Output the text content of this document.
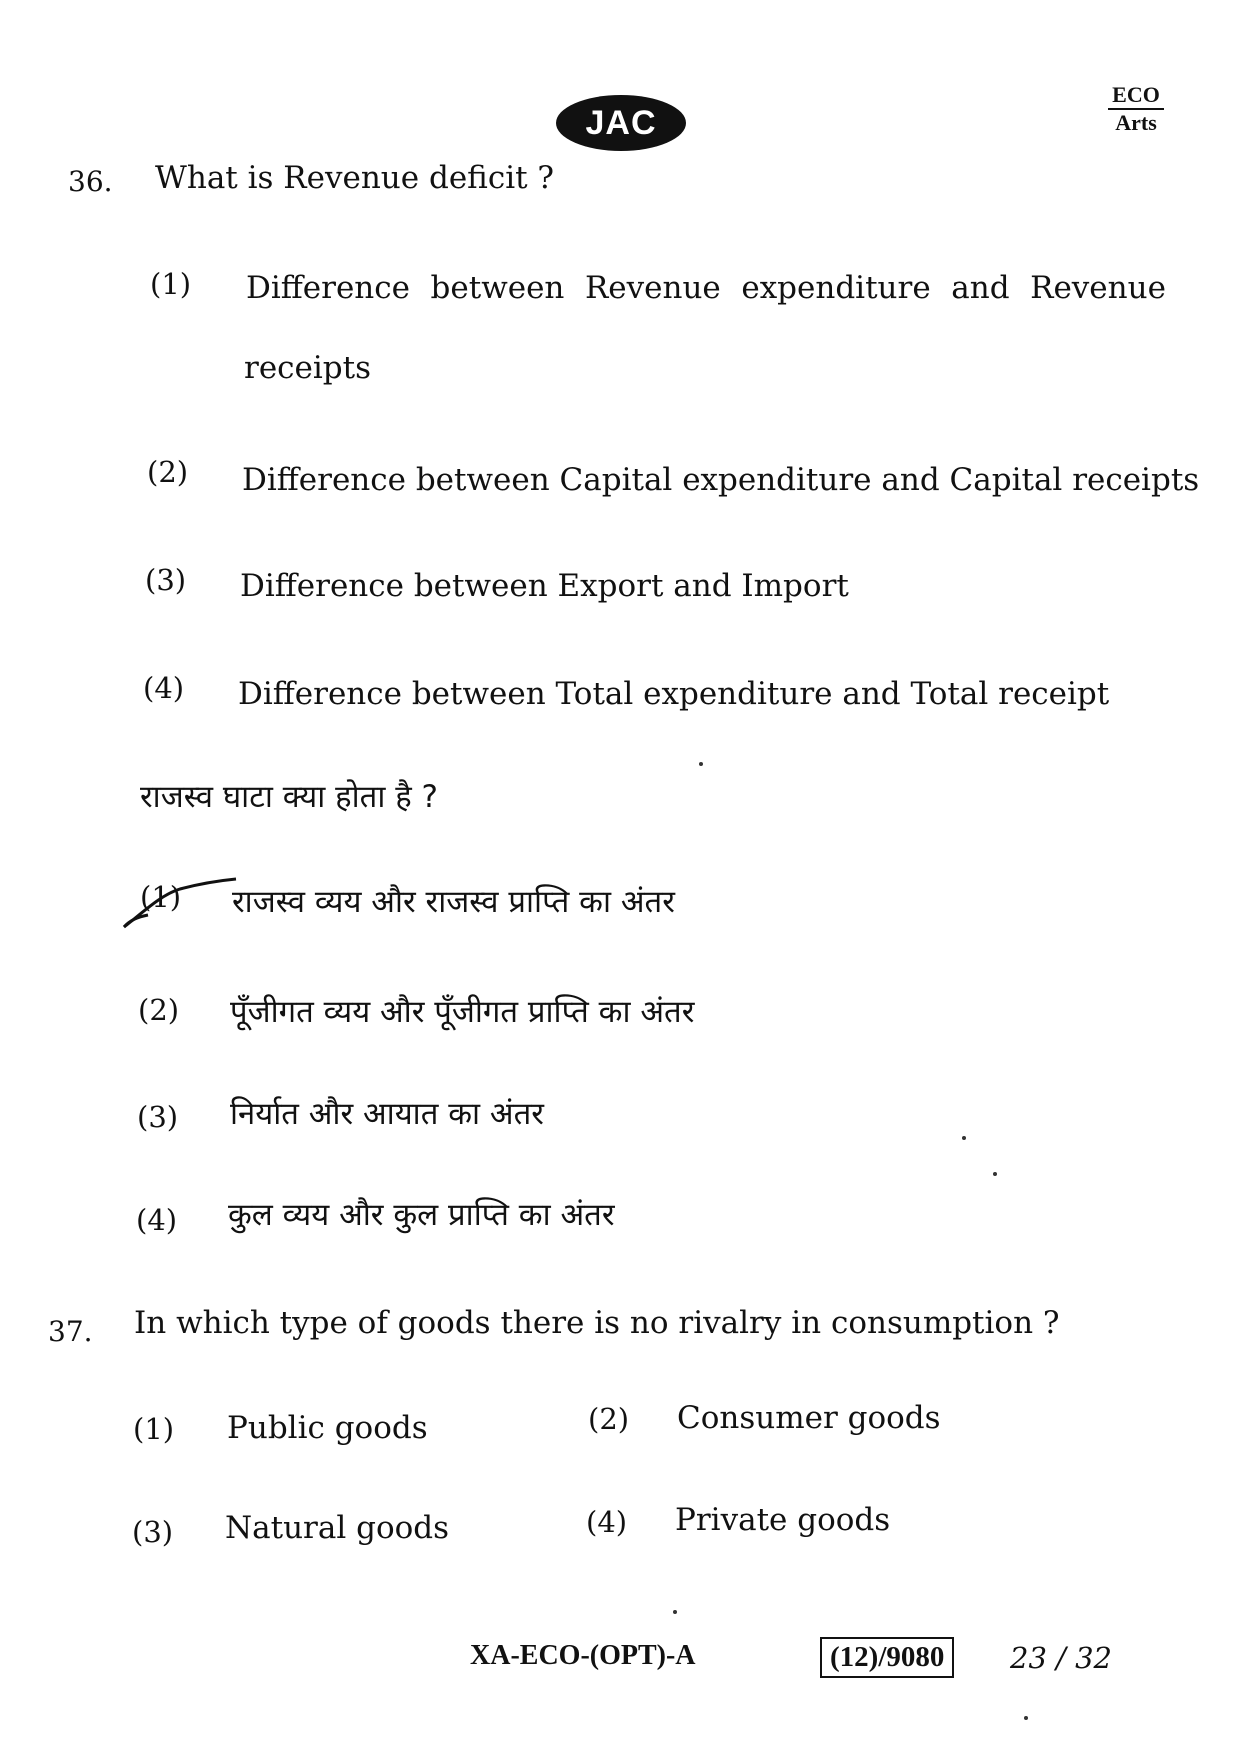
JAC
ECO
Arts
36. What is Revenue deficit ?
(1) Difference between Revenue expenditure and Revenue
receipts
(2) Difference between Capital expenditure and Capital receipts
(3) Difference between Export and Import
(4) Difference between Total expenditure and Total receipt
राजस्व घाटा क्या होता है ?
(1) राजस्व व्यय और राजस्व प्राप्ति का अंतर
(2) पूँजीगत व्यय और पूँजीगत प्राप्ति का अंतर
(3) निर्यात और आयात का अंतर
(4) कुल व्यय और कुल प्राप्ति का अंतर
37. In which type of goods there is no rivalry in consumption ?
(1) Public goods	(2) Consumer goods
(3) Natural goods	(4) Private goods
XA-ECO-(OPT)-A	(12)/9080	23 / 32
